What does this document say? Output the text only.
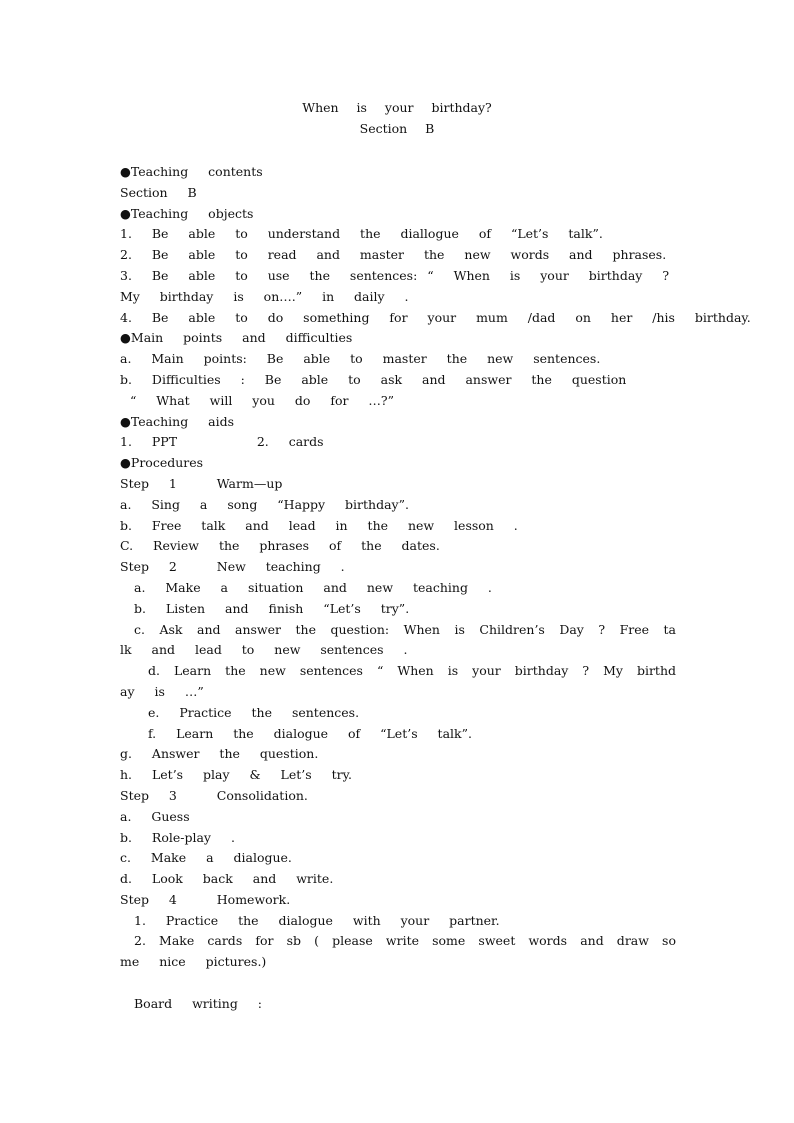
When  is  your  birthday?
Section  B
●Teaching  contents
Section  B
●Teaching  objects
1.  Be  able  to  understand  the  diallogue  of  “Let’s  talk”.
2.  Be  able  to  read  and  master  the  new  words  and  phrases.
3.  Be  able  to  use  the  sentences: “  When  is  your  birthday  ?
My  birthday  is  on….”  in  daily  .
4.  Be  able  to  do  something  for  your  mum  /dad  on  her  /his  birthday.
●Main  points  and  difficulties
a.  Main  points:  Be  able  to  master  the  new  sentences.
b.  Difficulties  :  Be  able  to  ask  and  answer  the  question
“  What  will  you  do  for  …?”
●Teaching  aids
1.  PPT        2.  cards
●Procedures
Step  1    Warm—up
a.  Sing  a  song  “Happy  birthday”.
b.  Free  talk  and  lead  in  the  new  lesson  .
C.  Review  the  phrases  of  the  dates.
Step  2    New  teaching  .
a.  Make  a  situation  and  new  teaching  .
b.  Listen  and  finish  “Let’s  try”.
c. Ask and answer the question: When is Children’s Day ? Free ta
lk  and  lead  to  new  sentences  .
d. Learn the new sentences “ When is your birthday ? My birthd
ay  is  …”
e.  Practice  the  sentences.
f.  Learn  the  dialogue  of  “Let’s  talk”.
g.  Answer  the  question.
h.  Let’s  play  &  Let’s  try.
Step  3    Consolidation.
a.  Guess
b.  Role-play  .
c.  Make  a  dialogue.
d.  Look  back  and  write.
Step  4    Homework.
1.  Practice  the  dialogue  with  your  partner.
2. Make cards for sb ( please write some sweet words and draw so
me  nice  pictures.)
Board  writing  :
